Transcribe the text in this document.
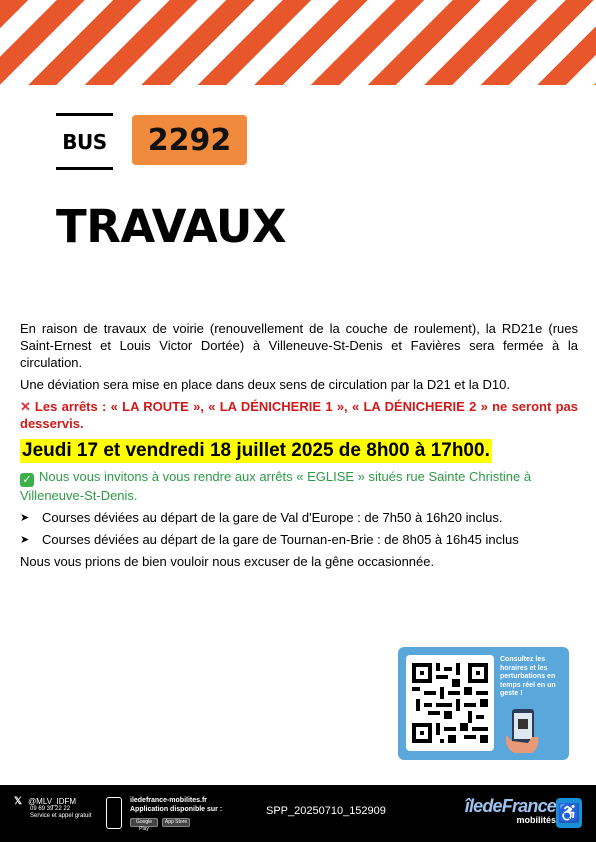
BUS	2292
TRAVAUX

En raison de travaux de voirie (renouvellement de la couche de roulement), la RD21e (rues Saint-Ernest et Louis Victor Dortée) à Villeneuve-St-Denis et Favières sera fermée à la circulation.

Une déviation sera mise en place dans deux sens de circulation par la D21 et la D10.

✕ Les arrêts : « LA ROUTE », « LA DÉNICHERIE 1 », « LA DÉNICHERIE 2 » ne seront pas desservis.

Jeudi 17 et vendredi 18 juillet 2025 de 8h00 à 17h00.

✓ Nous vous invitons à vous rendre aux arrêts « EGLISE » situés rue Sainte Christine à Villeneuve-St-Denis.

➤ Courses déviées au départ de la gare de Val d'Europe : de 7h50 à 16h20 inclus.
➤ Courses déviées au départ de la gare de Tournan-en-Brie : de 8h05 à 16h45 inclus

Nous vous prions de bien vouloir nous excuser de la gêne occasionnée.

Consultez les horaires et les perturbations en temps réel en un geste !
𝕏 @MLV_IDFM
09 69 39 22 22
Service et appel gratuit
iledefrance-mobilites.fr
Application disponible sur :
Google Play
App Store
SPP_20250710_152909	îledeFrance
mobilités ♿
